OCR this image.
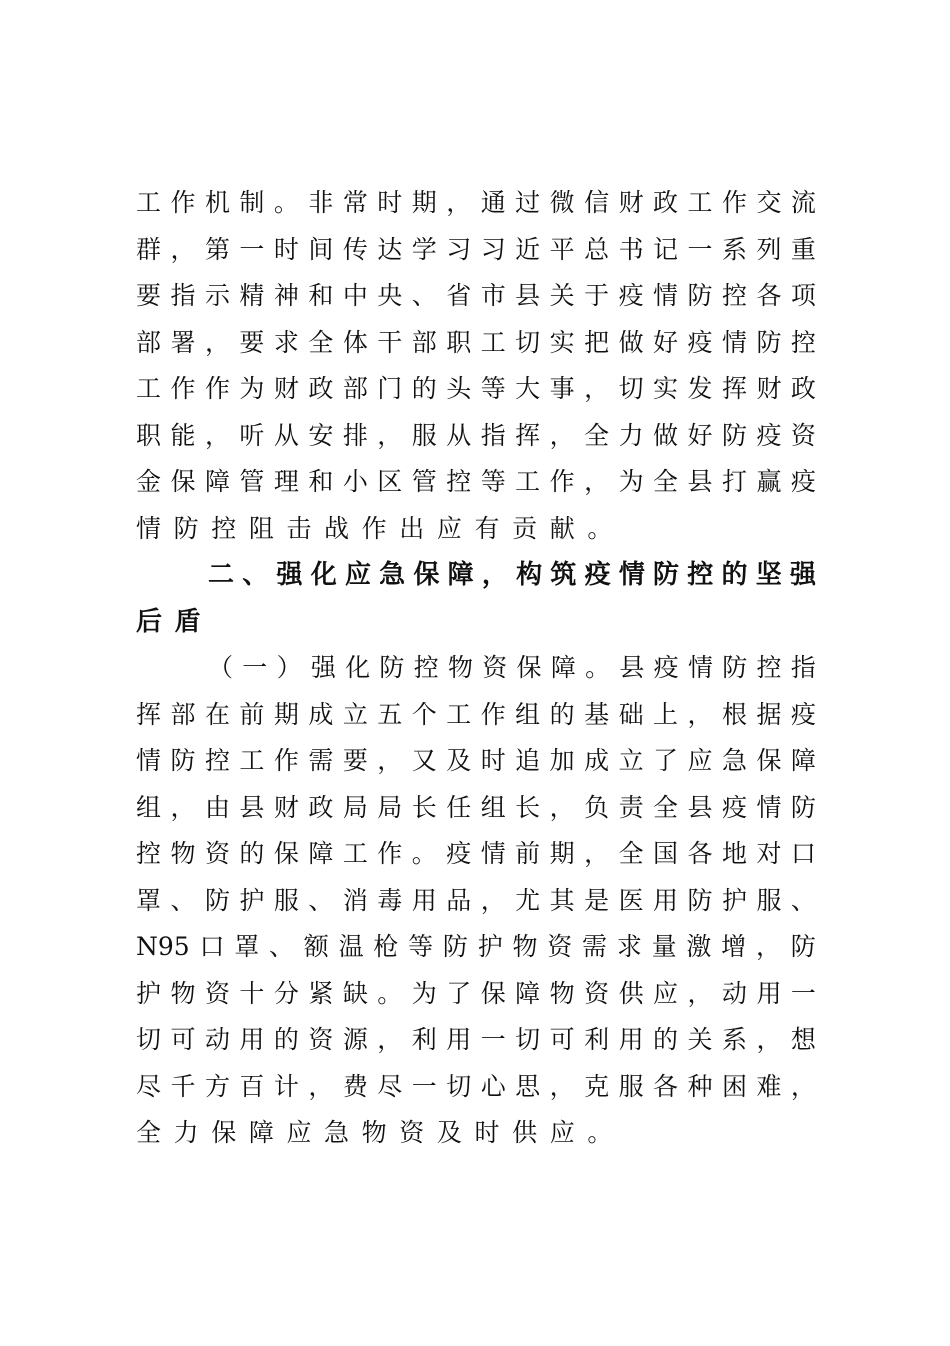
工 作 机 制 。 非 常 时 期 ， 通 过 微 信 财 政 工 作 交 流
群 ， 第 一 时 间 传 达 学 习 习 近 平 总 书 记 一 系 列 重
要 指 示 精 神 和 中 央 、 省 市 县 关 于 疫 情 防 控 各 项
部 署 ， 要 求 全 体 干 部 职 工 切 实 把 做 好 疫 情 防 控
工 作 作 为 财 政 部 门 的 头 等 大 事 ， 切 实 发 挥 财 政
职 能 ， 听 从 安 排 ， 服 从 指 挥 ， 全 力 做 好 防 疫 资
金 保 障 管 理 和 小 区 管 控 等 工 作 ， 为 全 县 打 赢 疫
情 防 控 阻 击 战 作 出 应 有 贡 献 。
二 、 强 化 应 急 保 障 ， 构 筑 疫 情 防 控 的 坚 强
后 盾
（ 一 ） 强 化 防 控 物 资 保 障 。 县 疫 情 防 控 指
挥 部 在 前 期 成 立 五 个 工 作 组 的 基 础 上 ， 根 据 疫
情 防 控 工 作 需 要 ， 又 及 时 追 加 成 立 了 应 急 保 障
组 ， 由 县 财 政 局 局 长 任 组 长 ， 负 责 全 县 疫 情 防
控 物 资 的 保 障 工 作 。 疫 情 前 期 ， 全 国 各 地 对 口
罩 、 防 护 服 、 消 毒 用 品 ， 尤 其 是 医 用 防 护 服 、
N95 口 罩 、 额 温 枪 等 防 护 物 资 需 求 量 激 增 ， 防
护 物 资 十 分 紧 缺 。 为 了 保 障 物 资 供 应 ， 动 用 一
切 可 动 用 的 资 源 ， 利 用 一 切 可 利 用 的 关 系 ， 想
尽 千 方 百 计 ， 费 尽 一 切 心 思 ， 克 服 各 种 困 难 ，
全 力 保 障 应 急 物 资 及 时 供 应 。
